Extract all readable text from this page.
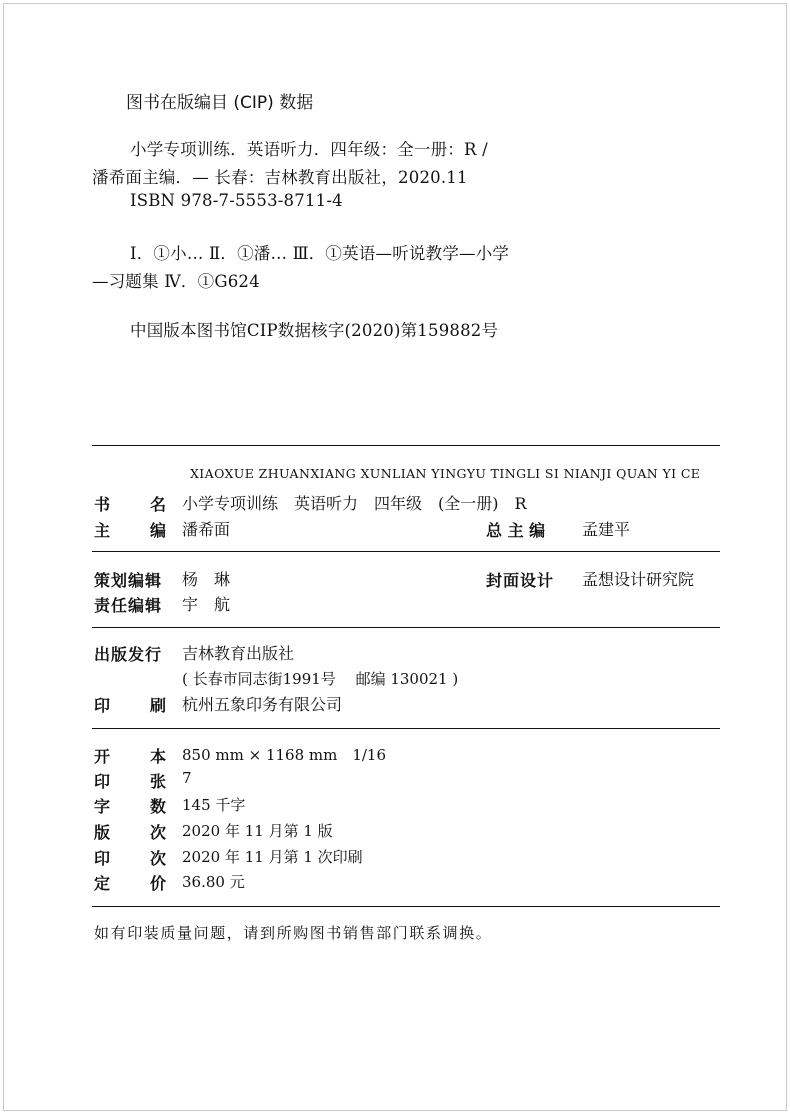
图书在版编目 (CIP) 数据
小学专项训练．英语听力．四年级：全一册：R /
潘希面主编．— 长春：吉林教育出版社，2020.11
ISBN 978-7-5553-8711-4
Ⅰ．①小… Ⅱ．①潘… Ⅲ．①英语—听说教学—小学
—习题集 Ⅳ．①G624
中国版本图书馆CIP数据核字(2020)第159882号
XIAOXUE ZHUANXIANG XUNLIAN YINGYU TINGLI SI NIANJI QUAN YI CE
书 名 小学专项训练　英语听力　四年级　(全一册)　R
主 编 潘希面	总 主 编 孟建平
策划编辑 杨　琳	封面设计 孟想设计研究院
责任编辑 宇　航
出版发行 吉林教育出版社
( 长春市同志街1991号　 邮编 130021 )
印 刷 杭州五象印务有限公司
开 本 850 mm × 1168 mm　1/16
印 张 7
字 数 145 千字
版 次 2020 年 11 月第 1 版
印 次 2020 年 11 月第 1 次印刷
定 价 36.80 元
如有印装质量问题，请到所购图书销售部门联系调换。
